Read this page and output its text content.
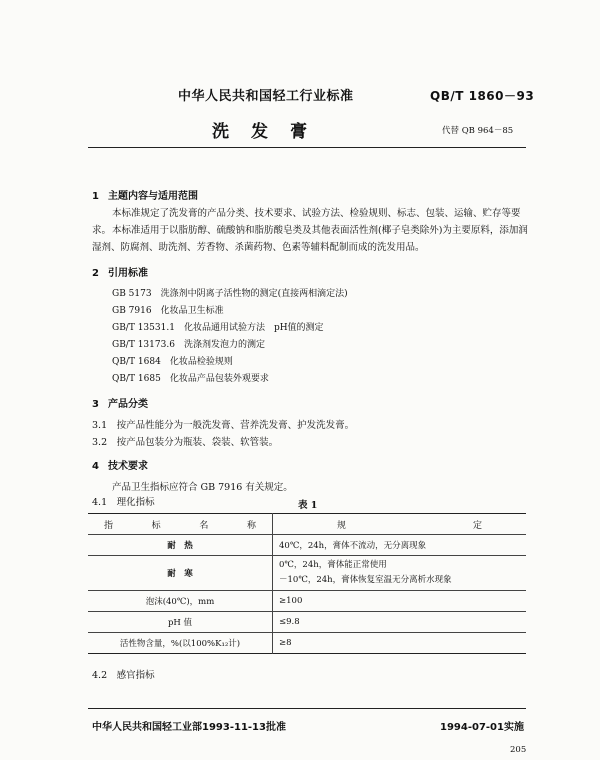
中华人民共和国轻工行业标准	QB/T 1860－93
洗发膏	代替 QB 964－85
1 主题内容与适用范围
本标准规定了洗发膏的产品分类、技术要求、试验方法、检验规则、标志、包装、运输、贮存等要求。 本标准适用于以脂肪醇、硫酸钠和脂肪酸皂类及其他表面活性剂(椰子皂类除外)为主要原料，添加润湿剂、防腐剂、助洗剂、芳香物、杀菌药物、色素等辅料配制而成的洗发用品。
2 引用标准
GB 5173　 洗涤剂中阴离子活性物的测定(直接两相滴定法)
GB 7916　 化妆品卫生标准
GB/T 13531.1　 化妆品通用试验方法　pH值的测定
GB/T 13173.6　 洗涤剂发泡力的测定
QB/T 1684　 化妆品检验规则
QB/T 1685　 化妆品产品包装外观要求
3 产品分类
3.1　按产品性能分为一般洗发膏、营养洗发膏、护发洗发膏。
3.2　按产品包装分为瓶装、袋装、软管装。
4 技术要求
产品卫生指标应符合 GB 7916 有关规定。
4.1　理化指标	表 1
指 标 名 称	规 定

耐　热	40℃，24h，膏体不流动，无分离现象
耐　寒	0℃，24h，膏体能正常使用
－10℃，24h，膏体恢复室温无分离析水现象

泡沫(40℃)，mm	≥100
pH 值	≤9.8
活性物含量，%(以100%K₁₂计)	≥8
4.2　感官指标
中华人民共和国轻工业部1993-11-13批准	1994-07-01实施
205
